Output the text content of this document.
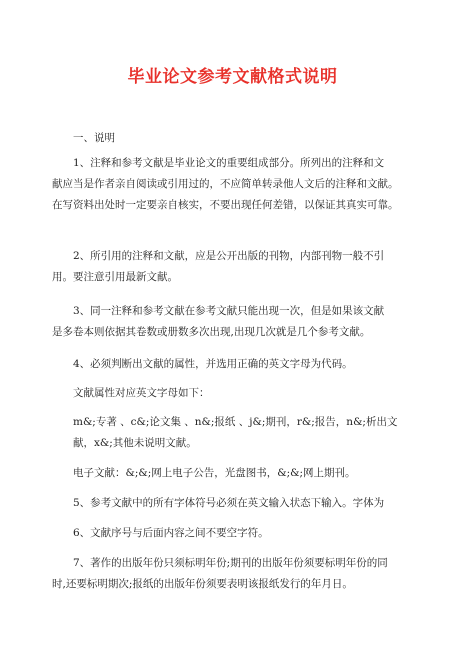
毕业论文参考文献格式说明

一、说明

1、注释和参考文献是毕业论文的重要组成部分。所列出的注释和文
献应当是作者亲自阅读或引用过的，不应简单转录他人文后的注释和文献。
在写资料出处时一定要亲自核实，不要出现任何差错，以保证其真实可靠。

2、所引用的注释和文献，应是公开出版的刊物，内部刊物一般不引
用。要注意引用最新文献。

3、同一注释和参考文献在参考文献只能出现一次，但是如果该文献
是多卷本则依据其卷数或册数多次出现,出现几次就是几个参考文献。

4、必须判断出文献的属性，并选用正确的英文字母为代码。

文献属性对应英文字母如下：

m&;专著 、c&;论文集 、n&;报纸 、j&;期刊，r&;报告，n&;析出文
献，x&;其他未说明文献。

电子文献：&;&;网上电子公告，光盘图书，&;&;网上期刊。

5、参考文献中的所有字体符号必须在英文输入状态下输入。字体为

6、文献序号与后面内容之间不要空字符。

7、著作的出版年份只须标明年份;期刊的出版年份须要标明年份的同
时,还要标明期次;报纸的出版年份须要表明该报纸发行的年月日。
